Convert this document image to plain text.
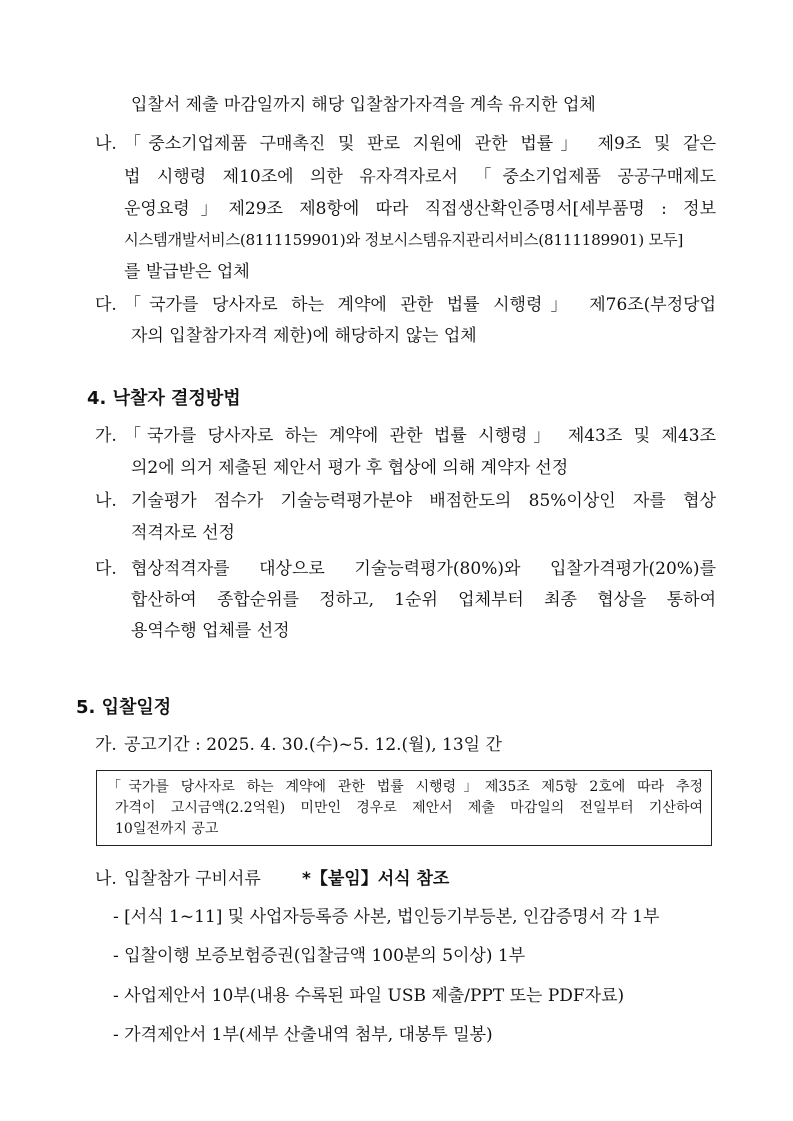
입찰서 제출 마감일까지 해당 입찰참가자격을 계속 유지한 업체
나. 「중소기업제품 구매촉진 및 판로 지원에 관한 법률」 제9조 및 같은
법 시행령 제10조에 의한 유자격자로서 「중소기업제품 공공구매제도
운영요령」제29조 제8항에 따라 직접생산확인증명서[세부품명 : 정보
시스템개발서비스(8111159901)와 정보시스템유지관리서비스(8111189901) 모두]
를 발급받은 업체
다. 「국가를 당사자로 하는 계약에 관한 법률 시행령」 제76조(부정당업
자의 입찰참가자격 제한)에 해당하지 않는 업체
4. 낙찰자 결정방법
가. 「국가를 당사자로 하는 계약에 관한 법률 시행령」 제43조 및 제43조
의2에 의거 제출된 제안서 평가 후 협상에 의해 계약자 선정
나. 기술평가 점수가 기술능력평가분야 배점한도의 85%이상인 자를 협상
적격자로 선정
다. 협상적격자를 대상으로 기술능력평가(80%)와 입찰가격평가(20%)를
합산하여 종합순위를 정하고, 1순위 업체부터 최종 협상을 통하여
용역수행 업체를 선정
5. 입찰일정
가. 공고기간 : 2025. 4. 30.(수)~5. 12.(월), 13일 간
「국가를 당사자로 하는 계약에 관한 법률 시행령」제35조 제5항 2호에 따라 추정
가격이 고시금액(2.2억원) 미만인 경우로 제안서 제출 마감일의 전일부터 기산하여
10일전까지 공고
나. 입찰참가 구비서류 *【붙임】서식 참조
- [서식 1~11] 및 사업자등록증 사본, 법인등기부등본, 인감증명서 각 1부
- 입찰이행 보증보험증권(입찰금액 100분의 5이상) 1부
- 사업제안서 10부(내용 수록된 파일 USB 제출/PPT 또는 PDF자료)
- 가격제안서 1부(세부 산출내역 첨부, 대봉투 밀봉)
